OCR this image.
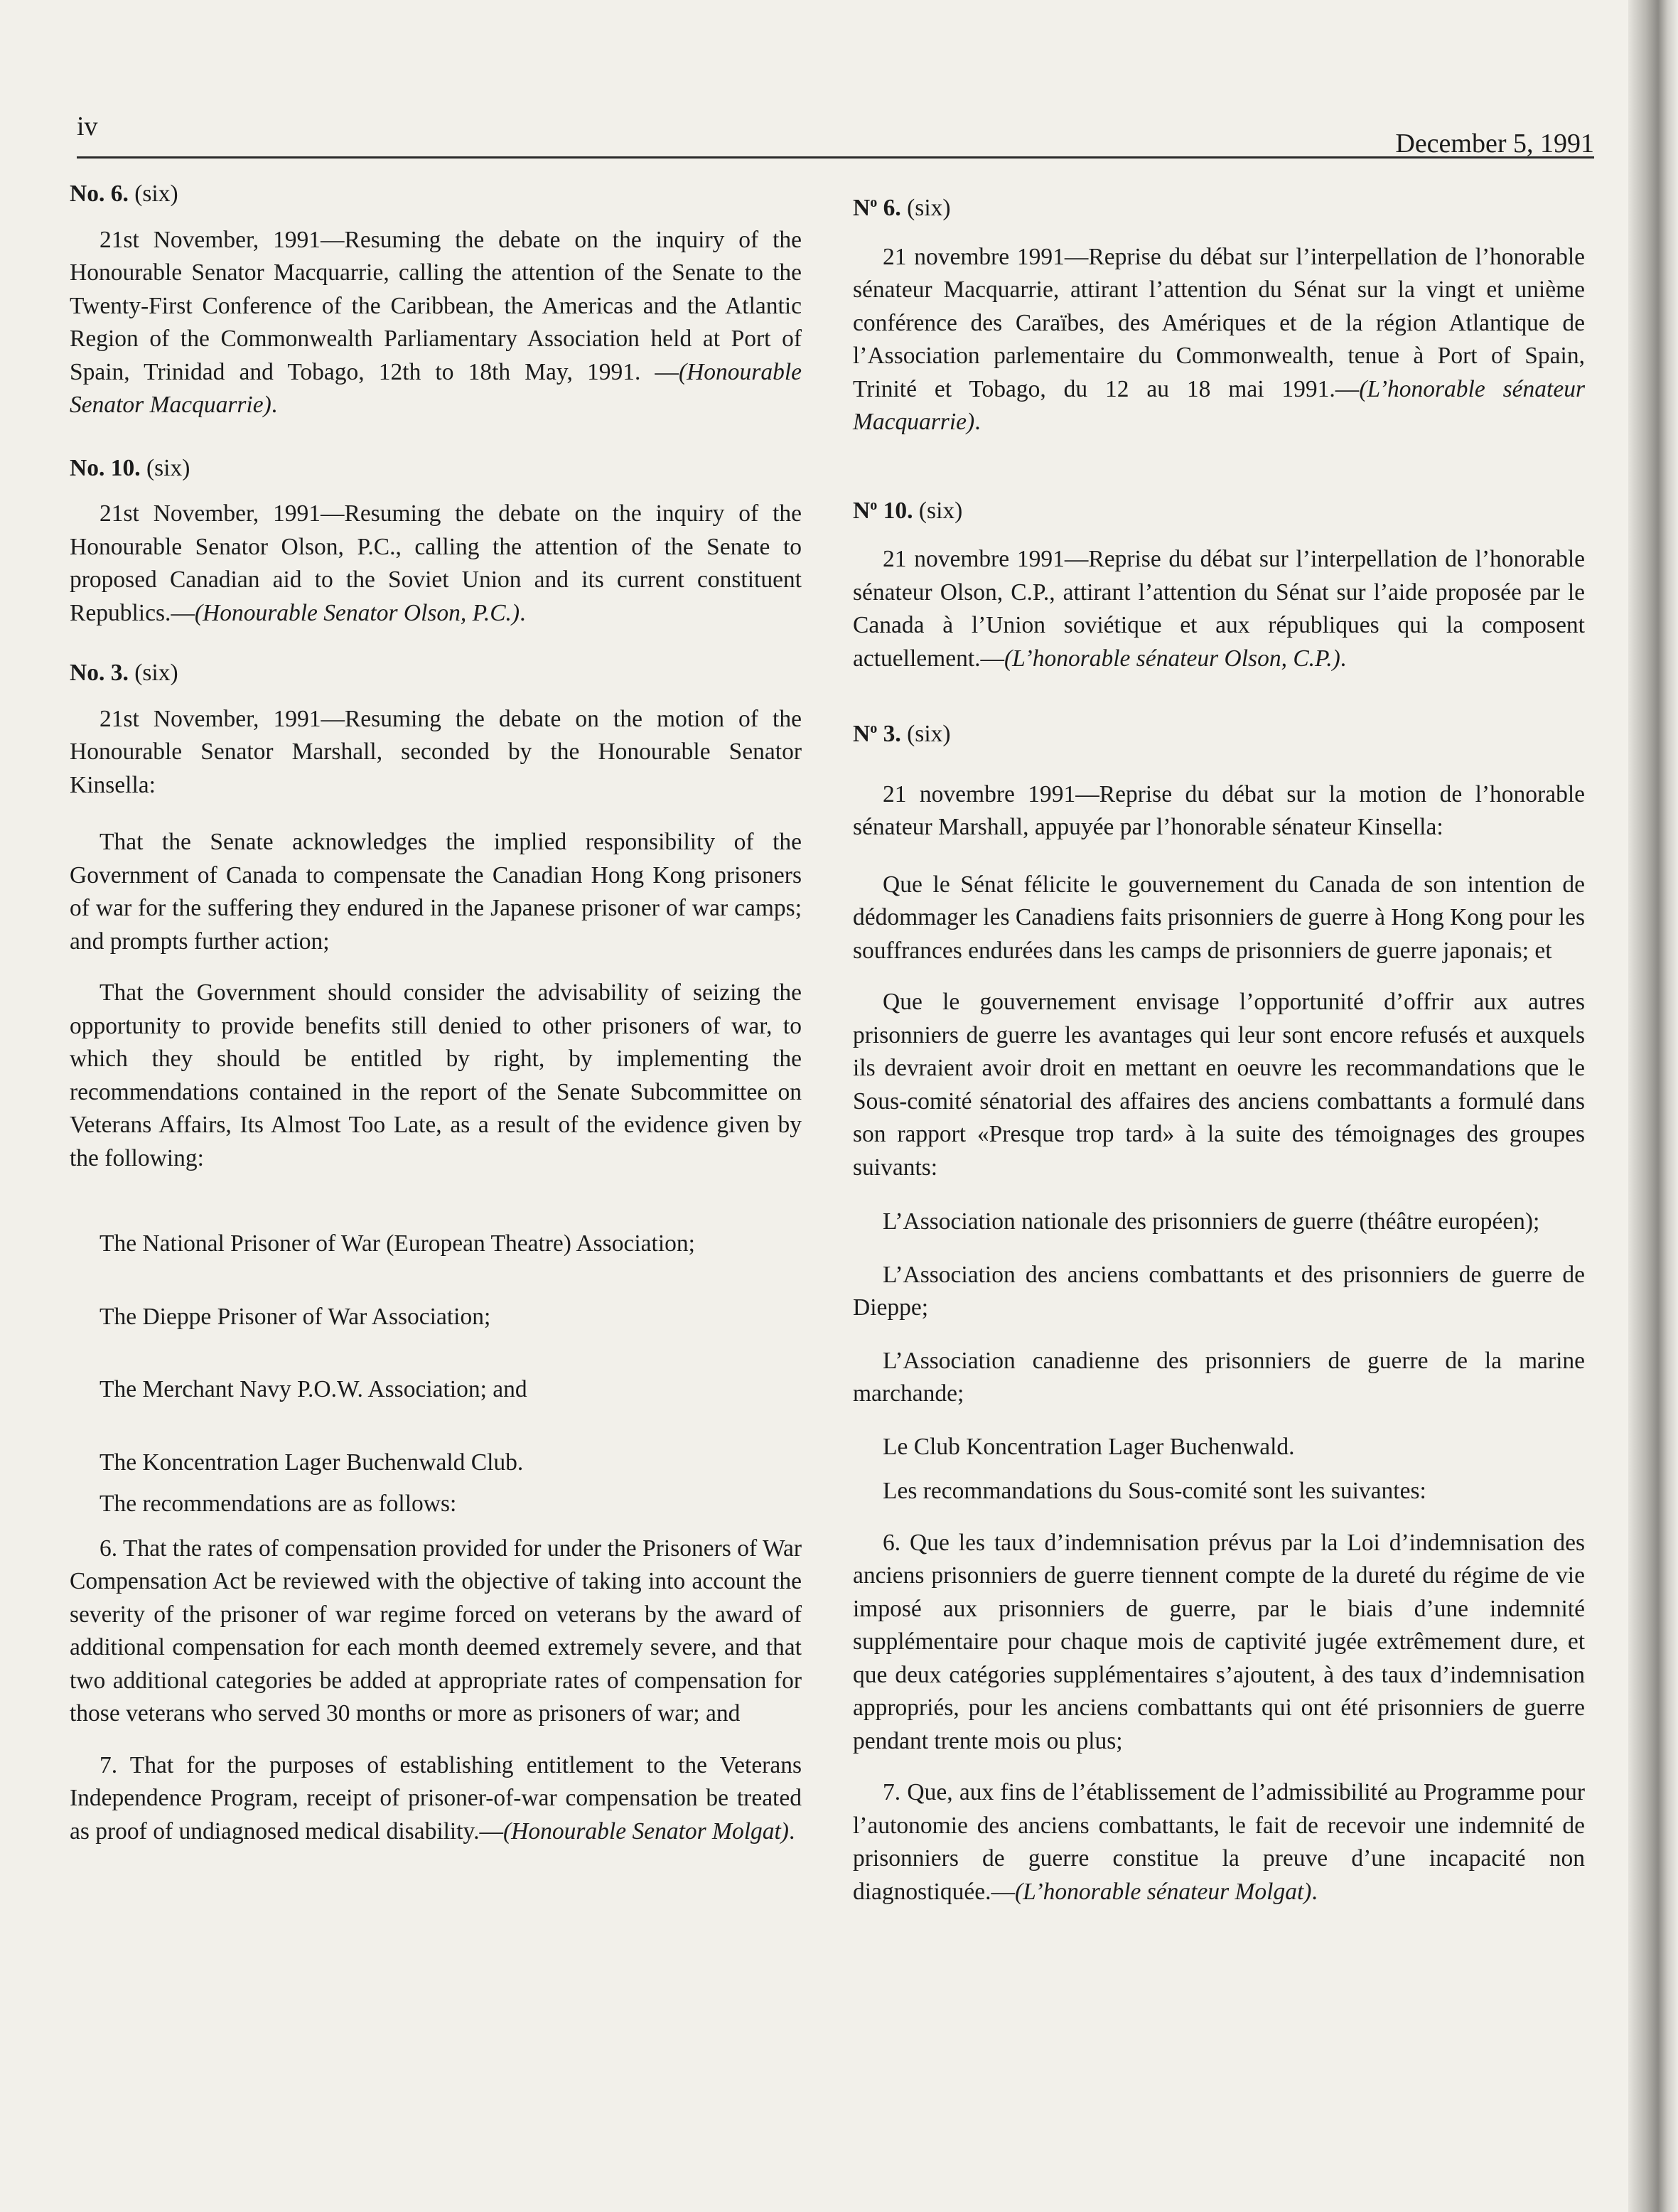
iv
December 5, 1991

No. 6. (six)

21st November, 1991—Resuming the debate on the inquiry of the Honourable Senator Macquarrie, calling the attention of the Senate to the Twenty-First Conference of the Caribbean, the Americas and the Atlantic Region of the Commonwealth Parliamentary Association held at Port of Spain, Trinidad and Tobago, 12th to 18th May, 1991. —(Honourable Senator Macquarrie).

No. 10. (six)

21st November, 1991—Resuming the debate on the inquiry of the Honourable Senator Olson, P.C., calling the attention of the Senate to proposed Canadian aid to the Soviet Union and its current constituent Republics.—(Honourable Senator Olson, P.C.).

No. 3. (six)

21st November, 1991—Resuming the debate on the motion of the Honourable Senator Marshall, seconded by the Honourable Senator Kinsella:

That the Senate acknowledges the implied responsibility of the Government of Canada to compensate the Canadian Hong Kong prisoners of war for the suffering they endured in the Japanese prisoner of war camps; and prompts further action;

That the Government should consider the advisability of seizing the opportunity to provide benefits still denied to other prisoners of war, to which they should be entitled by right, by implementing the recommendations contained in the report of the Senate Subcommittee on Veterans Affairs, Its Almost Too Late, as a result of the evidence given by the following:

The National Prisoner of War (European Theatre) Association;

The Dieppe Prisoner of War Association;

The Merchant Navy P.O.W. Association; and

The Koncentration Lager Buchenwald Club.

The recommendations are as follows:

6. That the rates of compensation provided for under the Prisoners of War Compensation Act be reviewed with the objective of taking into account the severity of the prisoner of war regime forced on veterans by the award of additional compensation for each month deemed extremely severe, and that two additional categories be added at appropriate rates of compensation for those veterans who served 30 months or more as prisoners of war; and

7. That for the purposes of establishing entitlement to the Veterans Independence Program, receipt of prisoner-of-war compensation be treated as proof of undiagnosed medical disability.—(Honourable Senator Molgat).

$N^o$ 6. (six)

21 novembre 1991—Reprise du débat sur l’interpellation de l’honorable sénateur Macquarrie, attirant l’attention du Sénat sur la vingt et unième conférence des Caraïbes, des Amériques et de la région Atlantique de l’Association parlementaire du Commonwealth, tenue à Port of Spain, Trinité et Tobago, du 12 au 18 mai 1991.—(L’honorable sénateur Macquarrie).

$N^o$ 10. (six)

21 novembre 1991—Reprise du débat sur l’interpellation de l’honorable sénateur Olson, C.P., attirant l’attention du Sénat sur l’aide proposée par le Canada à l’Union soviétique et aux républiques qui la composent actuellement.—(L’honorable sénateur Olson, C.P.).

$N^o$ 3. (six)

21 novembre 1991—Reprise du débat sur la motion de l’honorable sénateur Marshall, appuyée par l’honorable sénateur Kinsella:

Que le Sénat félicite le gouvernement du Canada de son intention de dédommager les Canadiens faits prisonniers de guerre à Hong Kong pour les souffrances endurées dans les camps de prisonniers de guerre japonais; et

Que le gouvernement envisage l’opportunité d’offrir aux autres prisonniers de guerre les avantages qui leur sont encore refusés et auxquels ils devraient avoir droit en mettant en oeuvre les recommandations que le Sous-comité sénatorial des affaires des anciens combattants a formulé dans son rapport «Presque trop tard» à la suite des témoignages des groupes suivants:

L’Association nationale des prisonniers de guerre (théâtre européen);

L’Association des anciens combattants et des prisonniers de guerre de Dieppe;

L’Association canadienne des prisonniers de guerre de la marine marchande;

Le Club Koncentration Lager Buchenwald.

Les recommandations du Sous-comité sont les suivantes:

6. Que les taux d’indemnisation prévus par la Loi d’indemnisation des anciens prisonniers de guerre tiennent compte de la dureté du régime de vie imposé aux prisonniers de guerre, par le biais d’une indemnité supplémentaire pour chaque mois de captivité jugée extrêmement dure, et que deux catégories supplémentaires s’ajoutent, à des taux d’indemnisation appropriés, pour les anciens combattants qui ont été prisonniers de guerre pendant trente mois ou plus;

7. Que, aux fins de l’établissement de l’admissibilité au Programme pour l’autonomie des anciens combattants, le fait de recevoir une indemnité de prisonniers de guerre constitue la preuve d’une incapacité non diagnostiquée.—(L’honorable sénateur Molgat).
